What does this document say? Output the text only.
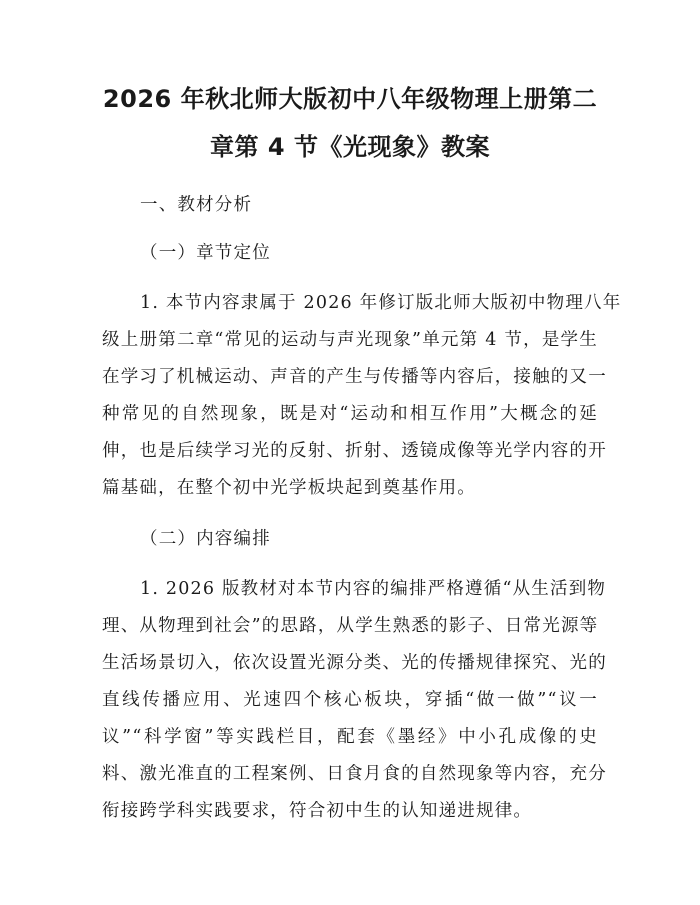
2026 年秋北师大版初中八年级物理上册第二
章第 4 节《光现象》教案
一、教材分析
（一）章节定位
1. 本节内容隶属于 2026 年修订版北师大版初中物理八年
级上册第二章“常见的运动与声光现象”单元第 4 节，是学生
在学习了机械运动、声音的产生与传播等内容后，接触的又一
种常见的自然现象，既是对“运动和相互作用”大概念的延
伸，也是后续学习光的反射、折射、透镜成像等光学内容的开
篇基础，在整个初中光学板块起到奠基作用。
（二）内容编排
1. 2026 版教材对本节内容的编排严格遵循“从生活到物
理、从物理到社会”的思路，从学生熟悉的影子、日常光源等
生活场景切入，依次设置光源分类、光的传播规律探究、光的
直线传播应用、光速四个核心板块，穿插“做一做”“议一
议”“科学窗”等实践栏目，配套《墨经》中小孔成像的史
料、激光准直的工程案例、日食月食的自然现象等内容，充分
衔接跨学科实践要求，符合初中生的认知递进规律。
